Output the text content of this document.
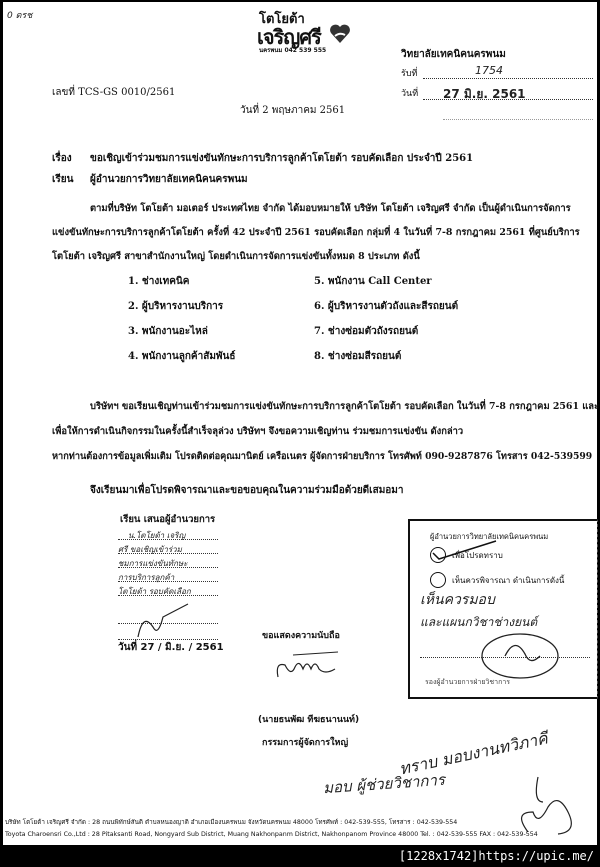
0 ดรช	โตโยต้า
เจริญศรี
นครพนม 042 539 555	วิทยาลัยเทคนิคนครพนม
รับที่	1754
วันที่ 27 มิ.ย. 2561
เลขที่ TCS-GS 0010/2561
วันที่ 2 พฤษภาคม 2561
เรื่อง ขอเชิญเข้าร่วมชมการแข่งขันทักษะการบริการลูกค้าโตโยต้า รอบคัดเลือก ประจำปี 2561
เรียน ผู้อำนวยการวิทยาลัยเทคนิคนครพนม
ตามที่บริษัท โตโยต้า มอเตอร์ ประเทศไทย จำกัด ได้มอบหมายให้ บริษัท โตโยต้า เจริญศรี จำกัด เป็นผู้ดำเนินการจัดการ
แข่งขันทักษะการบริการลูกค้าโตโยต้า ครั้งที่ 42 ประจำปี 2561 รอบคัดเลือก กลุ่มที่ 4 ในวันที่ 7-8 กรกฎาคม 2561 ที่ศูนย์บริการ
โตโยต้า เจริญศรี สาขาสำนักงานใหญ่ โดยดำเนินการจัดการแข่งขันทั้งหมด 8 ประเภท ดังนี้
1. ช่างเทคนิค
2. ผู้บริหารงานบริการ
3. พนักงานอะไหล่
4. พนักงานลูกค้าสัมพันธ์
5. พนักงาน Call Center
6. ผู้บริหารงานตัวถังและสีรถยนต์
7. ช่างซ่อมตัวถังรถยนต์
8. ช่างซ่อมสีรถยนต์
บริษัทฯ ขอเรียนเชิญท่านเข้าร่วมชมการแข่งขันทักษะการบริการลูกค้าโตโยต้า รอบคัดเลือก ในวันที่ 7-8 กรกฎาคม 2561 และ
เพื่อให้การดำเนินกิจกรรมในครั้งนี้สำเร็จลุล่วง บริษัทฯ จึงขอความเชิญท่าน ร่วมชมการแข่งขัน ดังกล่าว
หากท่านต้องการข้อมูลเพิ่มเติม โปรดติดต่อคุณมานิตย์ เครือเนตร ผู้จัดการฝ่ายบริการ โทรศัพท์ 090-9287876 โทรสาร 042-539599
จึงเรียนมาเพื่อโปรดพิจารณาและขอขอบคุณในความร่วมมือด้วยดีเสมอมา
เรียน เสนอผู้อำนวยการ
น.โตโยต้า เจริญ
ศรี ขอเชิญเข้าร่วม
ชมการแข่งขันทักษะ
การบริการลูกค้า
โตโยต้า รอบคัดเลือก
วันที่ 27 / มิ.ย. / 2561
ขอแสดงความนับถือ
(นายธนพัฒ ทีฆธนานนท์)
กรรมการผู้จัดการใหญ่
ผู้อำนวยการวิทยาลัยเทคนิคนครพนม
เพื่อโปรดทราบ
เห็นควรพิจารณา ดำเนินการดังนี้
เห็นควรมอบ
และแผนกวิชาช่างยนต์
รองผู้อำนวยการฝ่ายวิชาการ
ทราบ มอบงานทวิภาคี
มอบ ผู้ช่วยวิชาการ
บริษัท โตโยต้า เจริญศรี จำกัด : 28 ถนนพิทักษ์สันติ ตำบลหนองญาติ อำเภอเมืองนครพนม จังหวัดนครพนม 48000 โทรศัพท์ : 042-539-555, โทรสาร : 042-539-554
Toyota Charoensri Co.,Ltd : 28 Pitaksanti Road, Nongyard Sub District, Muang Nakhonpanm District, Nakhonpanom Province 48000 Tel. : 042-539-555 FAX : 042-539-554
[1228x1742]https://upic.me/
